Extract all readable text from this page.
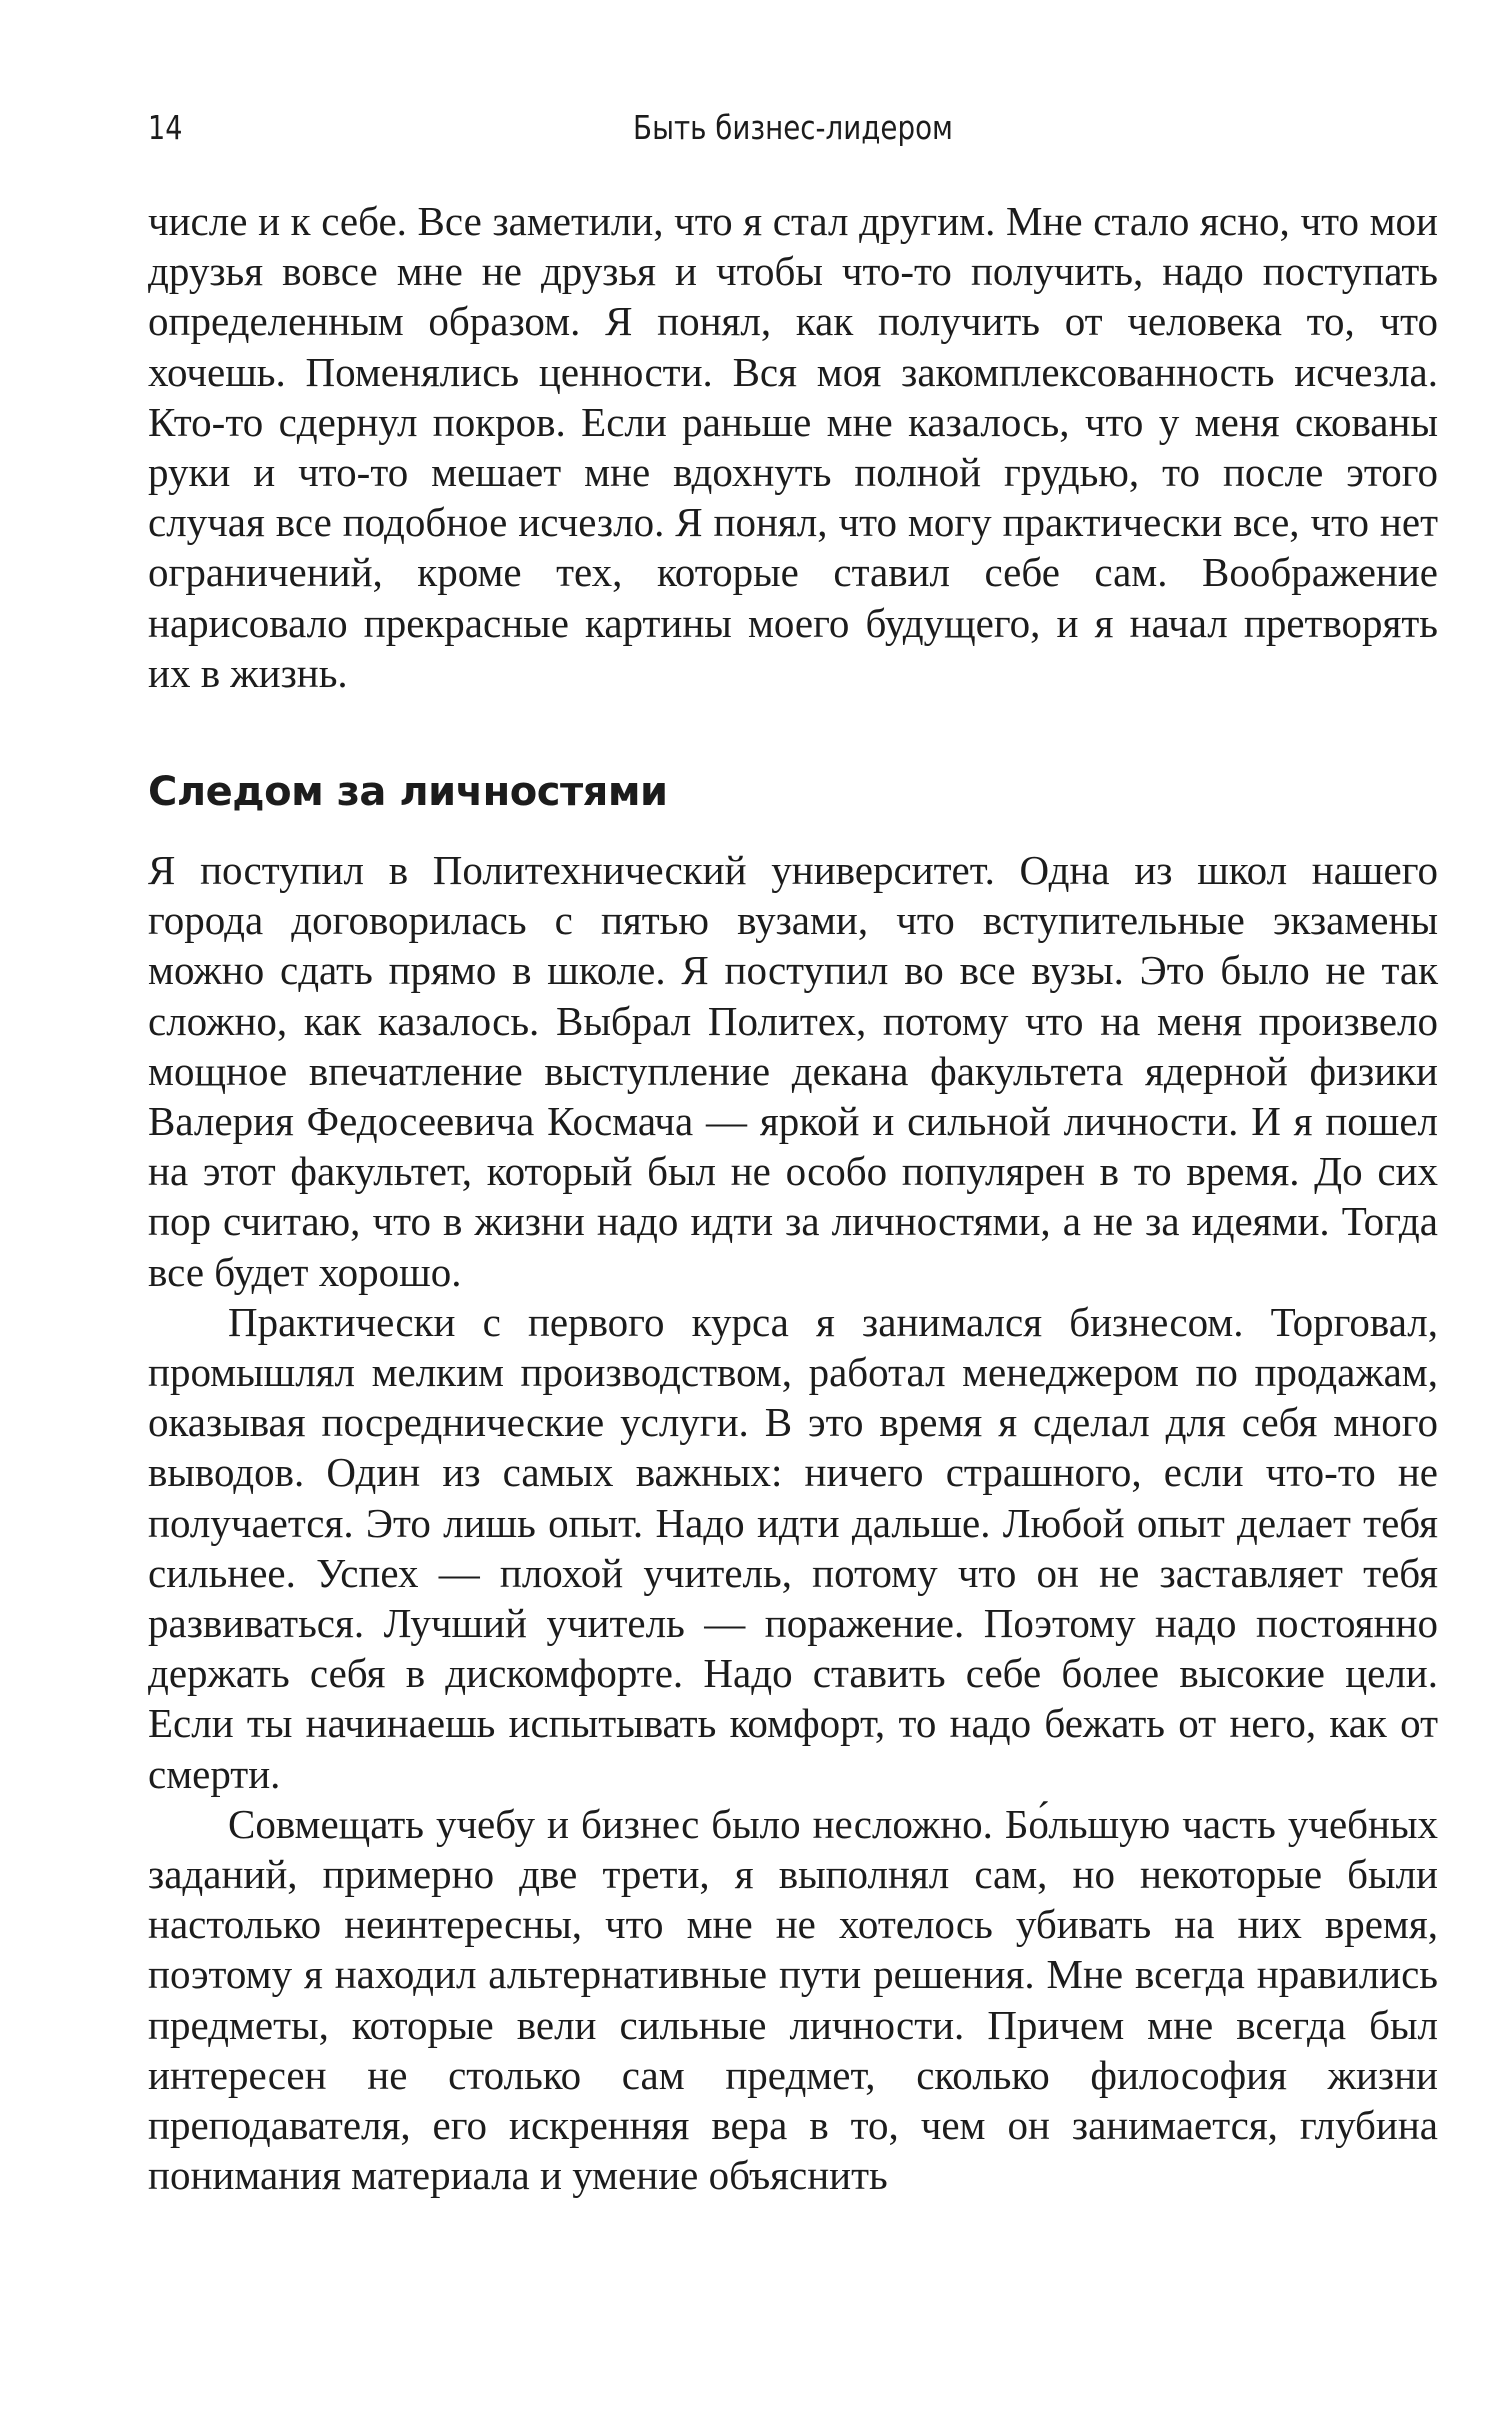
14	Быть бизнес-лидером

числе и к себе. Все заметили, что я стал другим. Мне стало ясно, что мои друзья вовсе мне не друзья и чтобы что-то получить, надо поступать определенным образом. Я понял, как получить от человека то, что хочешь. Поменялись ценности. Вся моя закомплексованность исчезла. Кто-то сдернул покров. Если раньше мне казалось, что у меня скованы руки и что-то мешает мне вдохнуть полной грудью, то после этого случая все подобное исчезло. Я понял, что могу практически все, что нет ограничений, кроме тех, которые ставил себе сам. Воображение нарисовало прекрасные картины моего будущего, и я начал претворять их в жизнь.

Следом за личностями

Я поступил в Политехнический университет. Одна из школ нашего города договорилась с пятью вузами, что вступительные экзамены можно сдать прямо в школе. Я поступил во все вузы. Это было не так сложно, как казалось. Выбрал Политех, потому что на меня произвело мощное впечатление выступление декана факультета ядерной физики Валерия Федосеевича Космача — яркой и сильной личности. И я пошел на этот факультет, который был не особо популярен в то время. До сих пор считаю, что в жизни надо идти за личностями, а не за идеями. Тогда все будет хорошо.

Практически с первого курса я занимался бизнесом. Торговал, промышлял мелким производством, работал менеджером по продажам, оказывая посреднические услуги. В это время я сделал для себя много выводов. Один из самых важных: ничего страшного, если что-то не получается. Это лишь опыт. Надо идти дальше. Любой опыт делает тебя сильнее. Успех — плохой учитель, потому что он не заставляет тебя развиваться. Лучший учитель — поражение. Поэтому надо постоянно держать себя в дискомфорте. Надо ставить себе более высокие цели. Если ты начинаешь испытывать комфорт, то надо бежать от него, как от смерти.

Совмещать учебу и бизнес было несложно. Бо́льшую часть учебных заданий, примерно две трети, я выполнял сам, но некоторые были настолько неинтересны, что мне не хотелось убивать на них время, поэтому я находил альтернативные пути решения. Мне всегда нравились предметы, которые вели сильные личности. Причем мне всегда был интересен не столько сам предмет, сколько философия жизни преподавателя, его искренняя вера в то, чем он занимается, глубина понимания материала и умение объяснить
